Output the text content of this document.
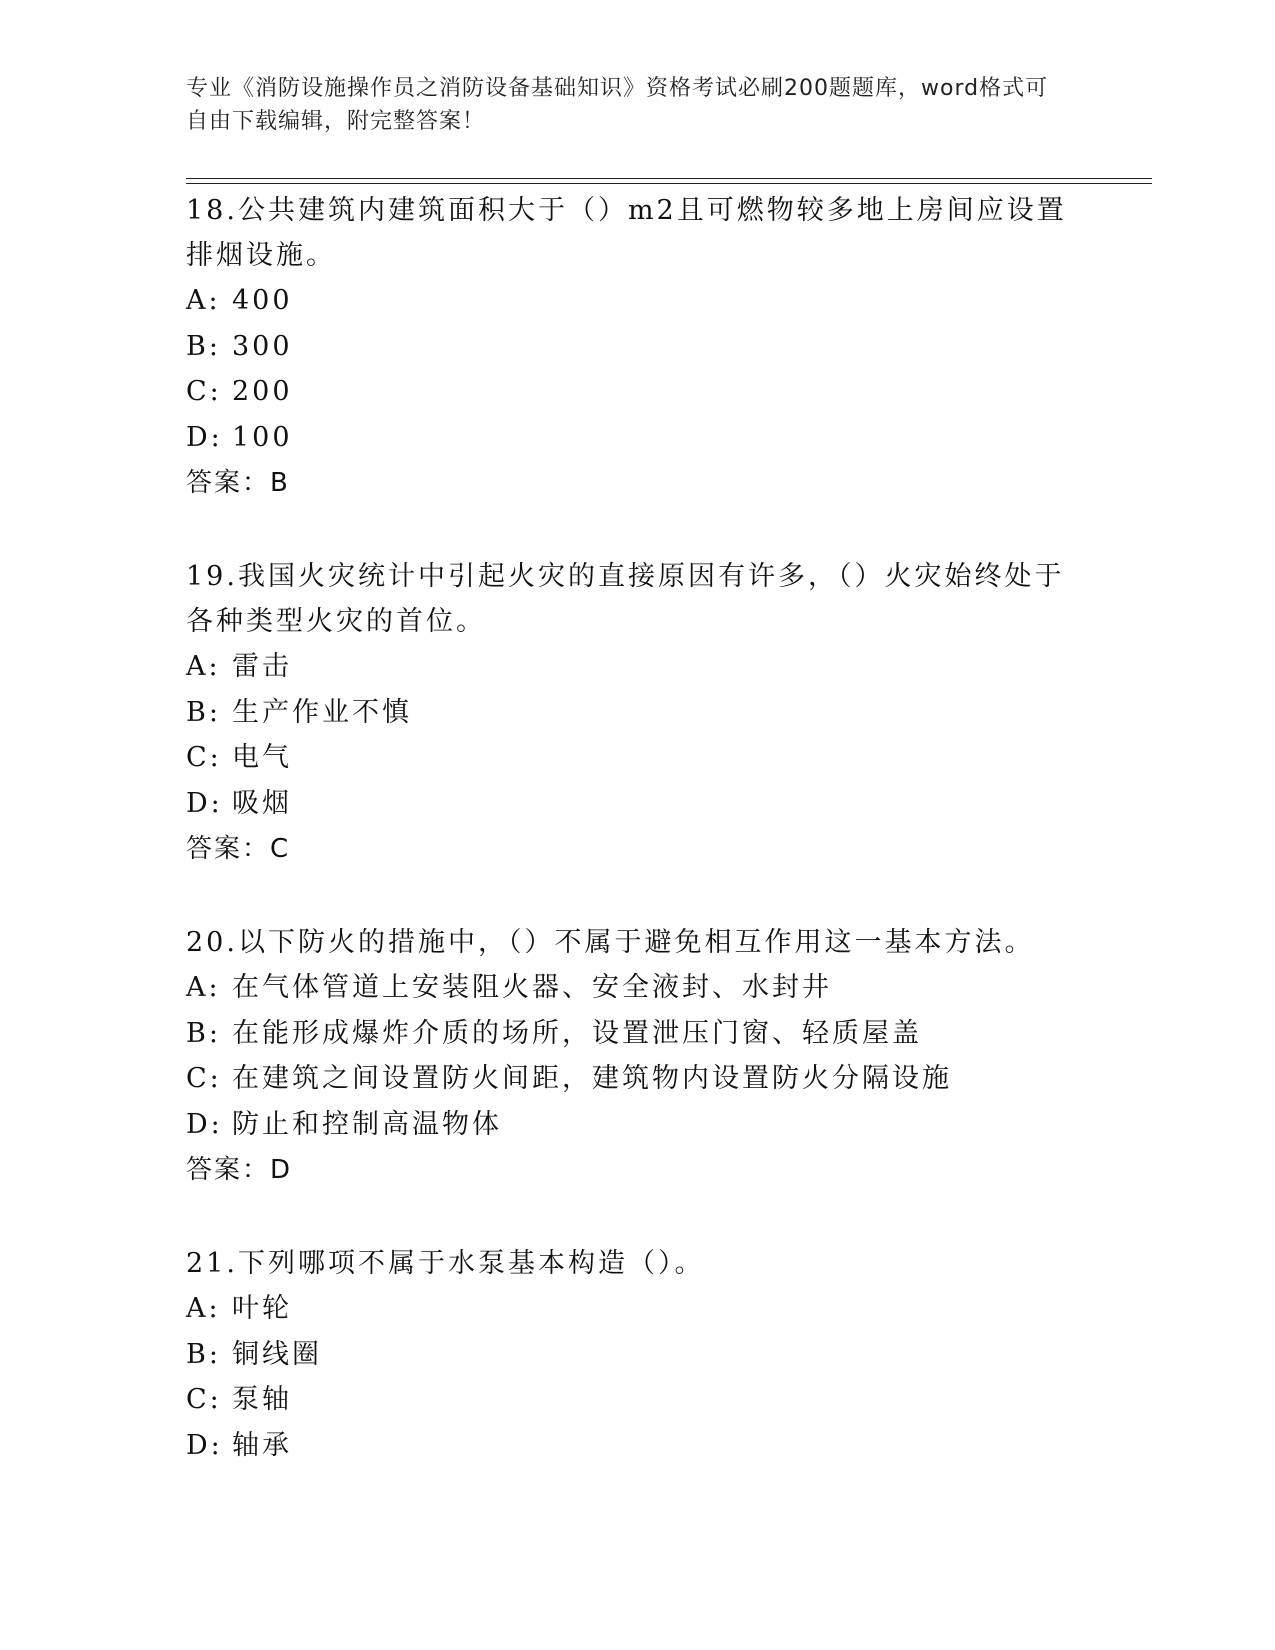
专业《消防设施操作员之消防设备基础知识》资格考试必刷200题题库，word格式可自由下载编辑，附完整答案！

18.公共建筑内建筑面积大于（）m2且可燃物较多地上房间应设置排烟设施。

A: 400

B: 300

C: 200

D: 100

答案：B

19.我国火灾统计中引起火灾的直接原因有许多，（）火灾始终处于各种类型火灾的首位。

A: 雷击

B: 生产作业不慎

C: 电气

D: 吸烟

答案：C

20.以下防火的措施中，（）不属于避免相互作用这一基本方法。

A: 在气体管道上安装阻火器、安全液封、水封井

B: 在能形成爆炸介质的场所，设置泄压门窗、轻质屋盖

C: 在建筑之间设置防火间距，建筑物内设置防火分隔设施

D: 防止和控制高温物体

答案：D

21.下列哪项不属于水泵基本构造（）。

A: 叶轮

B: 铜线圈

C: 泵轴

D: 轴承
